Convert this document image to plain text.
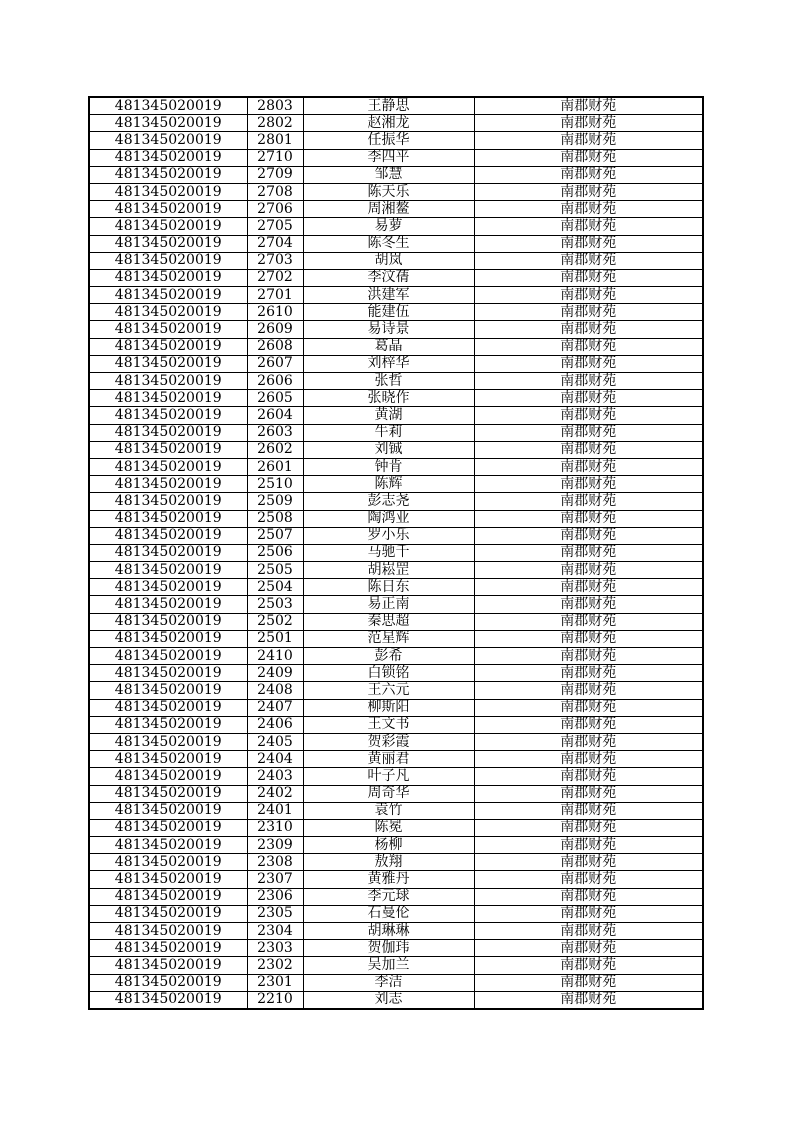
481345020019	2803	王静思	南郡财苑
481345020019	2802	赵湘龙	南郡财苑
481345020019	2801	任振华	南郡财苑
481345020019	2710	李四平	南郡财苑
481345020019	2709	邹慧	南郡财苑
481345020019	2708	陈天乐	南郡财苑
481345020019	2706	周湘鳌	南郡财苑
481345020019	2705	易萝	南郡财苑
481345020019	2704	陈冬生	南郡财苑
481345020019	2703	胡岚	南郡财苑
481345020019	2702	李汶蒨	南郡财苑
481345020019	2701	洪建军	南郡财苑
481345020019	2610	能建伍	南郡财苑
481345020019	2609	易诗景	南郡财苑
481345020019	2608	葛晶	南郡财苑
481345020019	2607	刘梓华	南郡财苑
481345020019	2606	张哲	南郡财苑
481345020019	2605	张晓作	南郡财苑
481345020019	2604	黄湖	南郡财苑
481345020019	2603	牛莉	南郡财苑
481345020019	2602	刘铖	南郡财苑
481345020019	2601	钟肯	南郡财苑
481345020019	2510	陈辉	南郡财苑
481345020019	2509	彭志尧	南郡财苑
481345020019	2508	陶鸿业	南郡财苑
481345020019	2507	罗小乐	南郡财苑
481345020019	2506	马驰千	南郡财苑
481345020019	2505	胡崧罡	南郡财苑
481345020019	2504	陈日东	南郡财苑
481345020019	2503	易正南	南郡财苑
481345020019	2502	秦思超	南郡财苑
481345020019	2501	范星辉	南郡财苑
481345020019	2410	彭希	南郡财苑
481345020019	2409	白锁铭	南郡财苑
481345020019	2408	王六元	南郡财苑
481345020019	2407	柳斯阳	南郡财苑
481345020019	2406	王文书	南郡财苑
481345020019	2405	贺彩霞	南郡财苑
481345020019	2404	黄丽君	南郡财苑
481345020019	2403	叶子凡	南郡财苑
481345020019	2402	周奇华	南郡财苑
481345020019	2401	袁竹	南郡财苑
481345020019	2310	陈冕	南郡财苑
481345020019	2309	杨柳	南郡财苑
481345020019	2308	敖翔	南郡财苑
481345020019	2307	黄雅丹	南郡财苑
481345020019	2306	李元球	南郡财苑
481345020019	2305	石曼伦	南郡财苑
481345020019	2304	胡琳琳	南郡财苑
481345020019	2303	贺伽玮	南郡财苑
481345020019	2302	吴加兰	南郡财苑
481345020019	2301	李洁	南郡财苑
481345020019	2210	刘志	南郡财苑
